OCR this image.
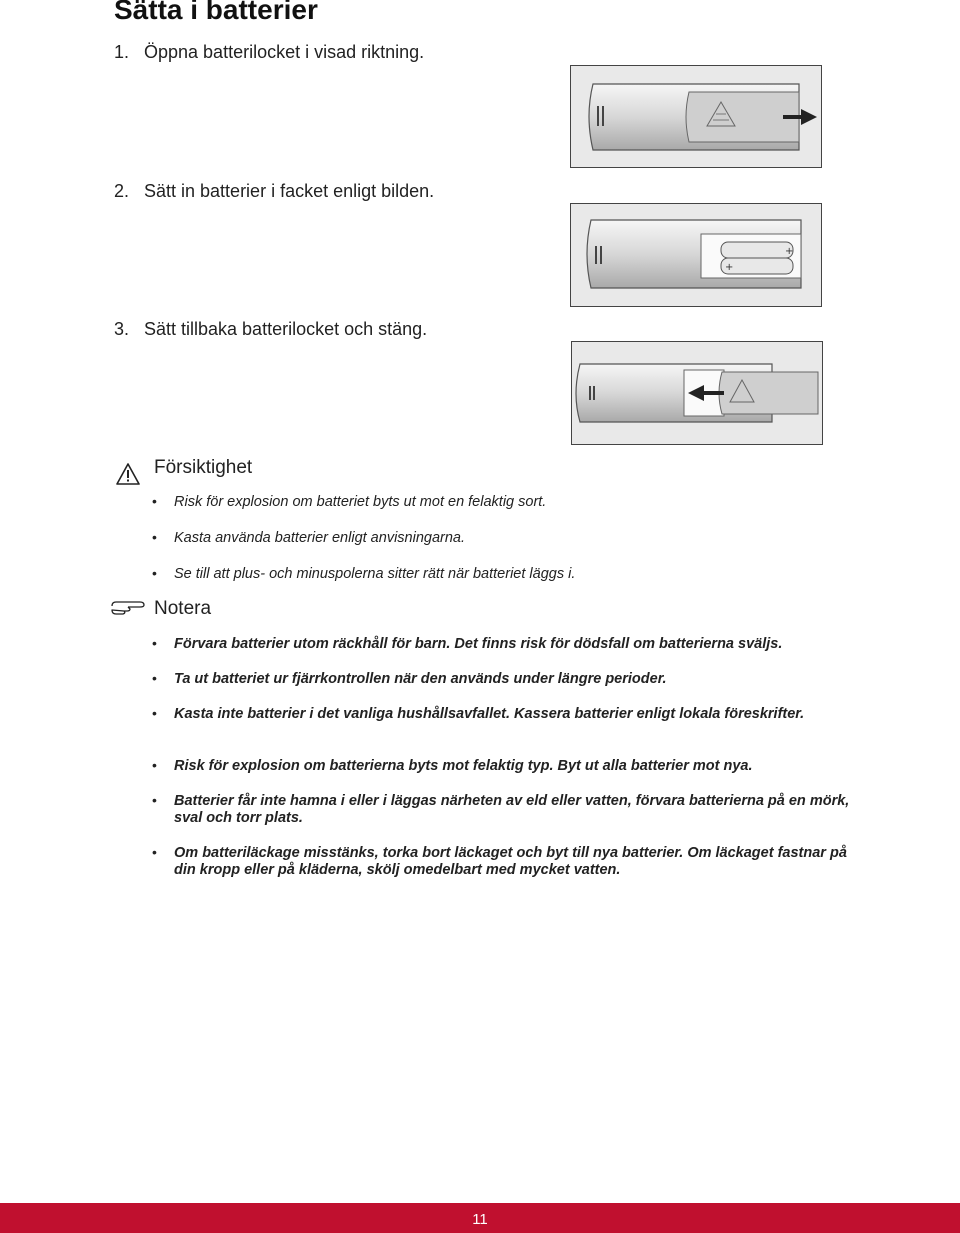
Sätta i batterier
1. Öppna batterilocket i visad riktning.
2. Sätt in batterier i facket enligt bilden.
3. Sätt tillbaka batterilocket och stäng.
+
+
Försiktighet
• Risk för explosion om batteriet byts ut mot en felaktig sort.
• Kasta använda batterier enligt anvisningarna.
• Se till att plus- och minuspolerna sitter rätt när batteriet läggs i.
Notera
• Förvara batterier utom räckhåll för barn. Det finns risk för dödsfall om batterierna sväljs.
• Ta ut batteriet ur fjärrkontrollen när den används under längre perioder.
• Kasta inte batterier i det vanliga hushållsavfallet. Kassera batterier enligt lokala föreskrifter.
• Risk för explosion om batterierna byts mot felaktig typ. Byt ut alla batterier mot nya.
• Batterier får inte hamna i eller i läggas närheten av eld eller vatten, förvara batterierna på en mörk, sval och torr plats.
• Om batteriläckage misstänks, torka bort läckaget och byt till nya batterier. Om läckaget fastnar på din kropp eller på kläderna, skölj omedelbart med mycket vatten.
11
